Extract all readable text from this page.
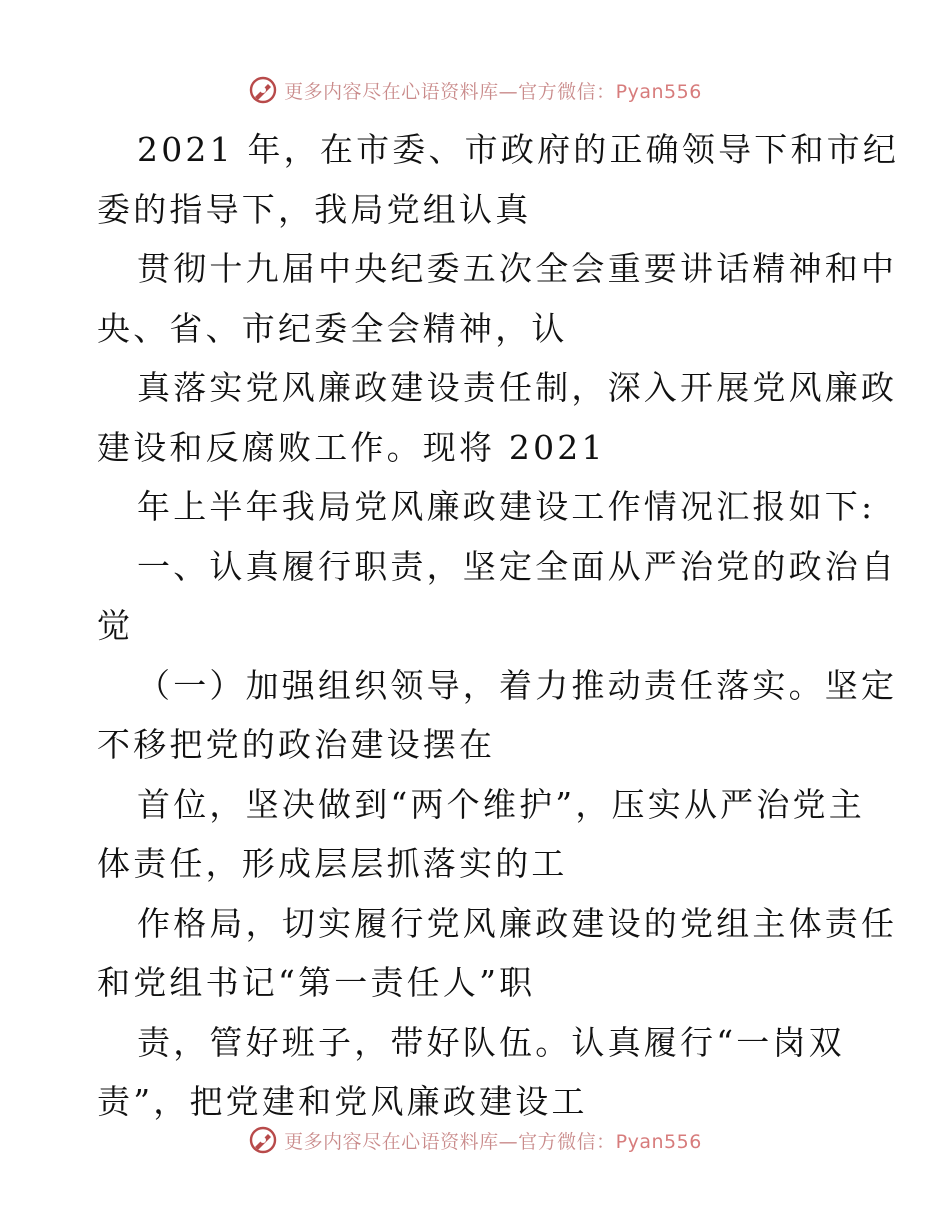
更多内容尽在心语资料库—官方微信：Pyan556
2021 年，在市委、市政府的正确领导下和市纪
委的指导下，我局党组认真
贯彻十九届中央纪委五次全会重要讲话精神和中
央、省、市纪委全会精神，认
真落实党风廉政建设责任制，深入开展党风廉政
建设和反腐败工作。现将 2021
年上半年我局党风廉政建设工作情况汇报如下:
一、认真履行职责，坚定全面从严治党的政治自
觉
（一）加强组织领导，着力推动责任落实。坚定
不移把党的政治建设摆在
首位，坚决做到“两个维护”，压实从严治党主
体责任，形成层层抓落实的工
作格局，切实履行党风廉政建设的党组主体责任
和党组书记“第一责任人”职
责，管好班子，带好队伍。认真履行“一岗双
责”，把党建和党风廉政建设工
更多内容尽在心语资料库—官方微信：Pyan556
